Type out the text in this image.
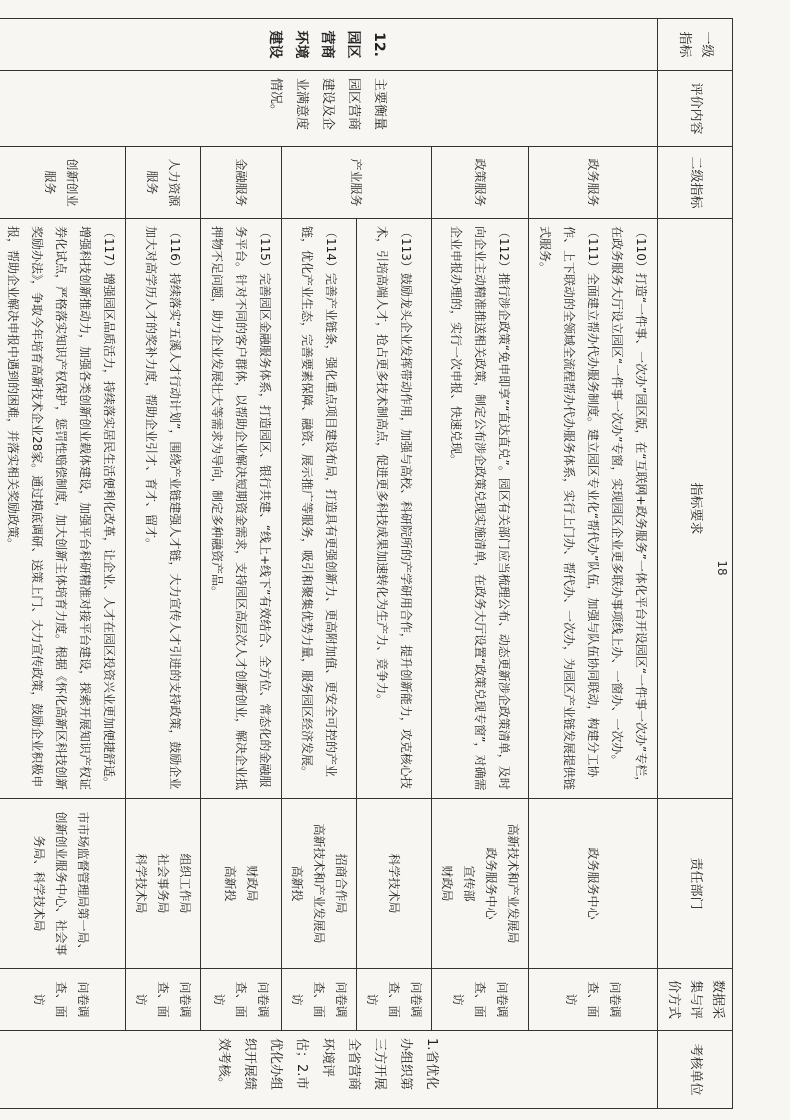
一级指标	评价内容	二级指标	指标要求	责任部门	数据采集与评价方式	考核单位
12.园区营商环境建设	主要衡量园区营商建设及企业满意度情况。	政务服务	（110）打造“一件事、一次办”园区版，在“互联网+政务服务”一体化平台开设园区“一件事一次办”专栏，在政务服务大厅设立园区“一件事一次办”专窗，实现园区企业更多联办事项线上办、一窗办、一次办。（111）全面建立帮办代办服务制度。建立园区专业化“帮代办”队伍，加强与队伍协同联动，构建分工协作、上下联动的全领域全流程帮办代办服务体系，实行上门办、帮代办、一次办，为园区产业链发展提供链式服务。	政务服务中心	问卷调查、面访	1.省优化办组织第三方开展全省营商环境评估；2.市优化办组织开展绩效考核。
		政策服务	（112）推行涉企政策“免申即享”“直达直兑”。园区有关部门应当梳理公布、动态更新涉企政策清单，及时向企业主动精准推送相关政策，制定公布涉企政策兑现实施清单，在政务大厅设置“政策兑现专窗”，对确需企业申报办理的，实行一次申报、快速兑现。	高新技术和产业发展局
政务服务中心
宣传部
财政局	问卷调查、面访	
		产业服务	（113）鼓励龙头企业发挥带动作用，加强与高校、科研院所的产学研用合作，提升创新能力，攻克核心技术，引培高端人才，抢占更多技术制高点，促进更多科技成果加速转化为生产力、竞争力。	科学技术局	问卷调查、面访	
			（114）完善产业链条，强化重点项目建设布局，打造具有更强创新力、更高附加值、更安全可控的产业链，优化产业生态，完善要素保障、融资、展示推广等服务，吸引和聚集优势力量，服务园区经济发展。	招商合作局
高新技术和产业发展局
高新投	问卷调查、面访	
		金融服务	（115）完善园区金融服务体系，打造园区、银行共建、“线上+线下”有效结合、全方位、常态化的金融服务平台。针对不同的客户群体，以帮助企业解决短期资金需求，支持园区高层次人才创新创业，解决企业抵押物不足问题，助力企业发展壮大等需求为导向，制定多种融资产品。	财政局
高新投	问卷调查、面访	
		人力资源服务	（116）持续落实“五溪人才行动计划”，围绕产业链建强人才链，大力宣传人才引进的支持政策，鼓励企业加大对高学历人才的奖补力度，帮助企业引才、育才、留才。	组织工作局
社会事务局
科学技术局	问卷调查、面访	
		创新创业服务	（117）增强园区品质活力，持续落实居民生活便利化改革，让企业、人才在园区投资兴业更加便捷舒适。增强科技创新推动力，加强各类创新创业载体建设，加强平台科研精准对接平台建设，探索开展知识产权证券化试点，严格落实知识产权保护，惩罚性赔偿制度，加大创新主体培育力度。根据《怀化高新区科技创新奖励办法》，争取今年培育高新技术企业28家。通过摸底调研、送策上门、大力宣传政策，鼓励企业积极申报，帮助企业解决申报中遇到的困难，并落实相关奖励政策。	市市场监督管理局第一局、创新创业服务中心、社会事务局、科学技术局	问卷调查、面访	
18
